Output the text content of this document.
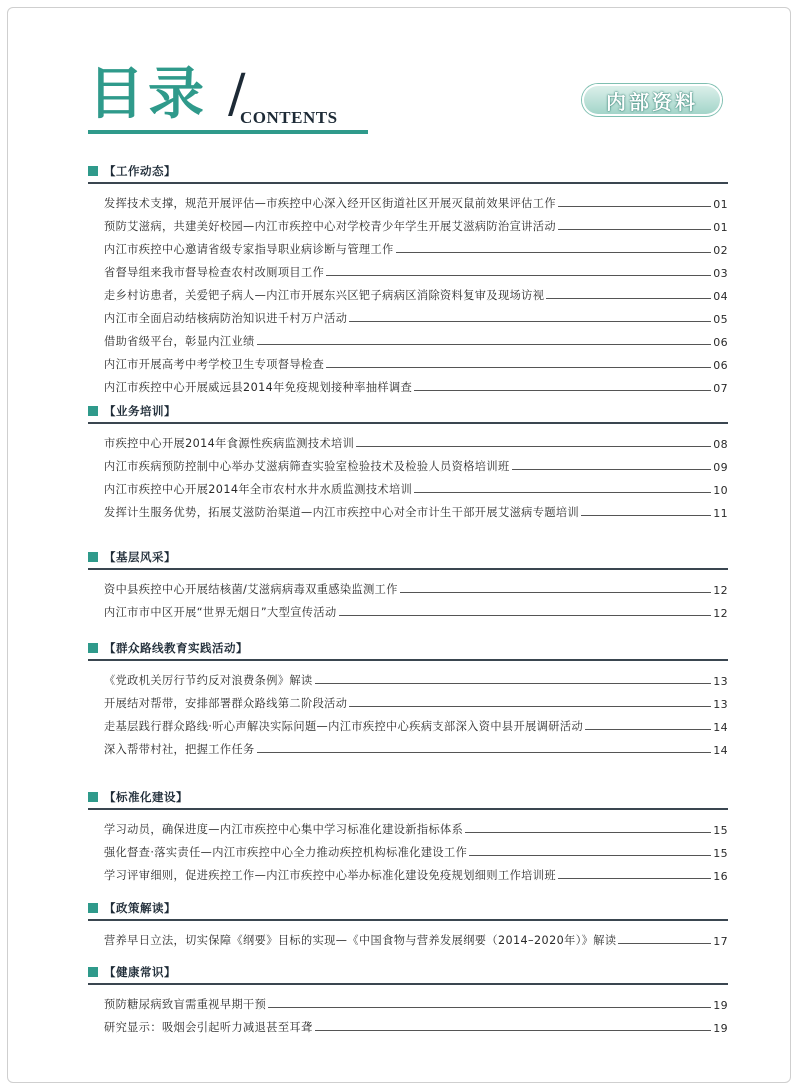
目录 /
CONTENTS
内部资料
【工作动态】
发挥技术支撑，规范开展评估—市疾控中心深入经开区街道社区开展灭鼠前效果评估工作	01
预防艾滋病，共建美好校园—内江市疾控中心对学校青少年学生开展艾滋病防治宣讲活动	01
内江市疾控中心邀请省级专家指导职业病诊断与管理工作	02
省督导组来我市督导检查农村改厕项目工作	03
走乡村访患者，关爱钯子病人—内江市开展东兴区钯子病病区消除资料复审及现场访视	04
内江市全面启动结核病防治知识进千村万户活动	05
借助省级平台，彰显内江业绩	06
内江市开展高考中考学校卫生专项督导检查	06
内江市疾控中心开展威远县2014年免疫规划接种率抽样调查	07
【业务培训】
市疾控中心开展2014年食源性疾病监测技术培训	08
内江市疾病预防控制中心举办艾滋病筛查实验室检验技术及检验人员资格培训班	09
内江市疾控中心开展2014年全市农村水井水质监测技术培训	10
发挥计生服务优势，拓展艾滋防治渠道—内江市疾控中心对全市计生干部开展艾滋病专题培训	11
【基层风采】
资中县疾控中心开展结核菌/艾滋病病毒双重感染监测工作	12
内江市市中区开展“世界无烟日”大型宣传活动	12
【群众路线教育实践活动】
《党政机关厉行节约反对浪费条例》解读	13
开展结对帮带，安排部署群众路线第二阶段活动	13
走基层践行群众路线·听心声解决实际问题—内江市疾控中心疾病支部深入资中县开展调研活动	14
深入帮带村社，把握工作任务	14
【标准化建设】
学习动员，确保进度—内江市疾控中心集中学习标准化建设新指标体系	15
强化督查·落实责任—内江市疾控中心全力推动疾控机构标准化建设工作	15
学习评审细则，促进疾控工作—内江市疾控中心举办标准化建设免疫规划细则工作培训班	16
【政策解读】
营养早日立法，切实保障《纲要》目标的实现—《中国食物与营养发展纲要（2014–2020年）》解读	17
【健康常识】
预防糖尿病致盲需重视早期干预	19
研究显示：吸烟会引起听力减退甚至耳聋	19
